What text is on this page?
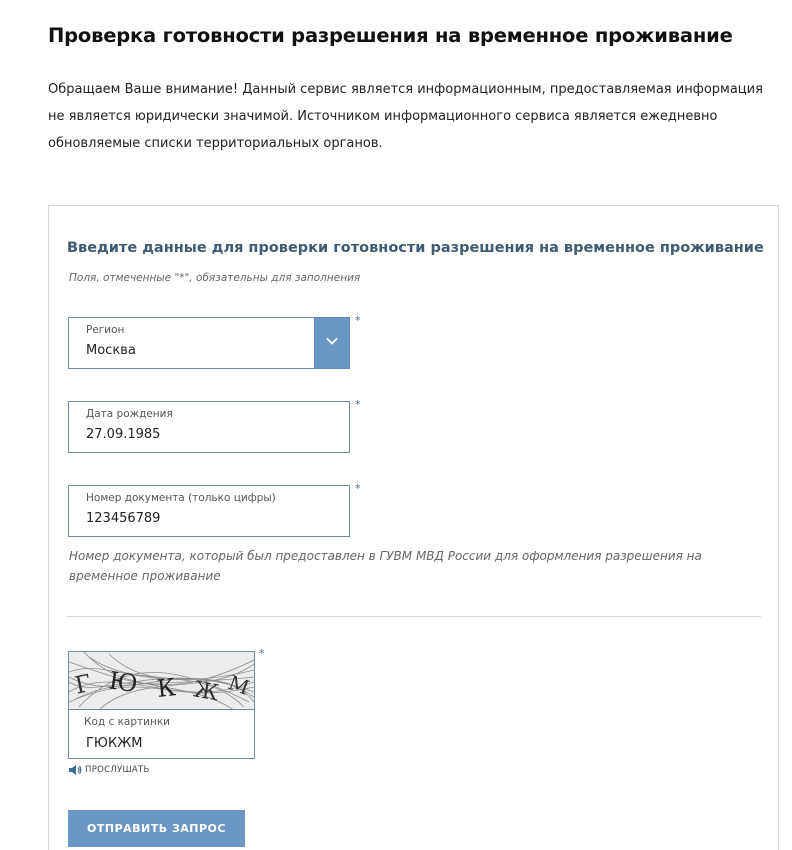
Проверка готовности разрешения на временное проживание

Обращаем Ваше внимание! Данный сервис является информационным, предоставляемая информация не является юридически значимой. Источником информационного сервиса является ежедневно обновляемые списки территориальных органов.

Введите данные для проверки готовности разрешения на временное проживание
Поля, отмеченные "*", обязательны для заполнения
Регион
Москва
*
Дата рождения
27.09.1985
*
Номер документа (только цифры)
123456789
*
Номер документа, который был предоставлен в ГУВМ МВД России для оформления разрешения на временное проживание
Г Ю К Ж М
Код с картинки
ГЮКЖМ
*
ПРОСЛУШАТЬ
ОТПРАВИТЬ ЗАПРОС
